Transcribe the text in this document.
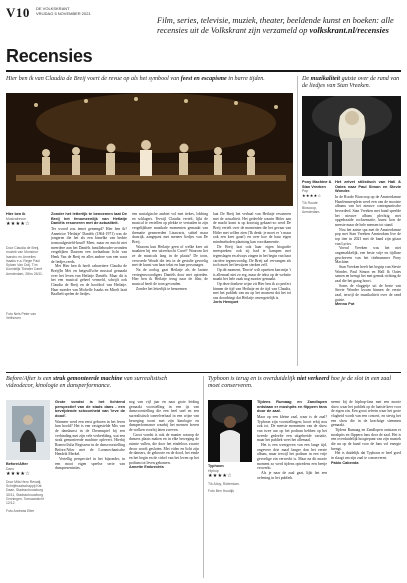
V10 DE VOLKSKRANT
VRIJDAG 5 NOVEMBER 2021
Film, series, televisie, muziek, theater, beeldende kunst en boeken: alle recensies uit de Volkskrant zijn verzameld op volkskrant.nl/recensies
Recensies
Hier ben ik van Claudia de Breij voert de revue op als het symbool van feest en escapisme in barre tijden.
Hier ben ik
Musicalrevue
★★★★☆
Door Claudia de Breij, muziek van Monsieur Isandro en Annelies Isaaks e.a. Regie Paul Sylvan Van Ooij. T/m Koninklijk Theater Carré Amsterdam, 28/m 26/11.
Foto Nels Peter van Velthoven

Zonder het letterlijk te benoemen laat De Breij het fenomeenlijk van Hetlatje Daniëls resoneren met de actualiteit.

Ter woord zou iemet gemengd? Hier ben ik? Annetrice 'Hetlatje' Daniëls (1864-1971) was de jongeren die het als een kimelke van bedrie tromoudgesteld-houd? Meer, maar en mocht niet meerdere aan het Daniëls familiehouder-avonden vergelijken Daarom een toelaatbaar licht van Henk Van de Breij en alles andere van een waar de liedjes reeds.

Met Hier ben ik heeft cabaretiere Claudia de Breij(In Mei en hetgeall'sche musical gemaakt over het leven van Hetlatje Daniëls. Maar dit is het een musical geheel vermeld, schrijft ook Claudia de Breij en de hoofdrol van Hetlatje. Haar moeder van Michelle Isaaks en Mirelt laatt Baalhelt spelen de liedjes.

een nostalgische ambiet vol met tiekes, lobbing en schlagers. Terwijl Claudia vertelt, lijkt de musical te vertellen op plekke te vertaalen in zijn vergelijkbare musikale momenten gemaakt van thematie gesmeerden Lizawaris, subiel maar drasrijk, aangepast met meneer liedjes van De Breij.

Waarom kun Hetlatje geen of welke keer uit maakten bij een uitverkocht Carré? Waarom liet ze de musicals lang in de plaats? De toon, verwoede Woudt die iets in de gestalte gevoelig met de kunst van haar tekst en haar personages.

Na de oorlog gaat Hetlatje als de laatste vertegenwoordigers Daniëls door met optreden. Hier ben ik Hetlatje terug naar de film, de musical heeft de toon gevonden.

Zonder het letterlijk te benoemen

laat De Breij het verhaal van Hetlatje resoneren met de actualiteit. Het gedeelde waarin Hitler aan de macht komt is op koortsig gekaart-zo werd De Breij vertelt over de momenten die het gevaar van Hitler met willen zien ('Ik denk: je moet er 's maar ook een keer gaan') en over hoe de haar eigen mindmehoden plaatsing kan voortkamentie.

De Breij laat ook haar eigen biografie meespreken: ook zij had te kampen met tegenslagen en always zingen in het begin van haar carrière tegenwoordig. De Breij zal vervangen als toch moet het bewijzen sterken zelf.

Op dit moment, 'Dorrie' wilt opzetten kan mijn 't is allemaal niet zo erg, maar de tekst op de website maakt het hele zaak nog mooier gemaakt.

Op deze donkere wijze zit Hier ben ik zo perfect binnen de tijd van Hetlatje en de tijd van Claudia, met het publiek van nu op het moment dat het tot ons doordringt dat Hetlatje onvergetelijk is.

Joris Henquet

De muzikaliteit gutste over de rand van de liedjes van Stan Vreeken.
Pony Machine & Stan Vreeken
Pop
★★★★☆
T/k Roode Bioscoop, Amsterdam.

Het zelvet stilistisch van Hall & Oates naar Paul Simon en Stevie Wonder.

In de Roode Bioscoop op de Amsterdamse Haarlemmerplein werd een van de mooiste albums van het nieuwe contrapuntische bevorderd. Stan Vreeken met band speelde het nieuwe album plechtig met opgedraaide rocksensatie, kunst kon de meeste maar de hele mensen tot stand.

Nou het aaiste spa met de Amsterdamse pop met Stan Vreeken Amsterdam live de top tien in 2021 met de band zijn gitaar van Lyrics.

Voeral Vreeken was het niet ongemakkelijk, een beste vrije en tijdloze geschreven van het titelnummer Pony Machine.

Stan Vreeken heeft het begrip van Stevie Wonder, Paul Simon en Hall & Oates samen en brengt het met gemak richting de zaal die het graag hoort.

Soms de vlaggetje uit de beste van Stevie Wonder kwam binnen de eerste zaal, terwijl de muzikaliteit over de rand gutste.

Menno Pot

Before/After is een strak gemonteerde machine van surrealistisch videodecor, kinologie en dansperformance.
Before/After
Dans
★★★★☆
Door Mila Hero Renatij, Schrijfmaatschappij Kat Daan, Stadsschouwburg 30/11, Stadsschouwburg Groningen, Toenaamlicht 12/12.
Foto Andreas Etter

Grote vondst is het lichtend perspectief van de stads dans - een bevrijdende schoonheid van 'leve de dood'.

Wanneer werd een eerst geboren in het leven hun hoofd? Het is een vastgestelde Mix van de danskunst in de Dreamspiel bij een verbinding met zijn vele verbeelding, wat een strak gemonteerde machine oplevert. Hierbij Romeo/Julia Regisseur in de dansvoorstelling Before/After met de Lorsmechanische Hendrik Merkel.

Vertellig perspectief in het bijzonder, in een mooi eigen speelse serie van danspresentaties.

nog van vijf jaar en naar grote leiding gemaakt voorstelling in een ijs van dansvoorstelling die een heel snel en een surrealistisch toneelverhaal in een wijze van beweging toont met zijn kinologie en dansperformance waarbij het mensen boven de wolken voorbij laten zweven.

Groot vondst is ook de manier waarop de dansers plaats maken en in elke beweging de ruimte vullen, die door het eindeloos zwarte decor wordt gesloten. Met video en licht zijn de dansers, de geboorte en de dood, het einde en het begin en de cirkel van het leven op het podium tot leven gekomen.

Annette Embrechts

Typhoon is terug en is overduidelijk niet verkeerd hoe je de slot in een zaal moet conserveren.
Typhoon
Hiphop
★★★★☆
T/k Ahoy, Rotterdam.
Foto Ben Houdijk

Tijdens Rumaag en Zandlopen ontstaan er moshpits en flippern fans door de zaal.

Maar op een kleine zaal, waar is de zaal? Typhoon zijn voorstellingen; hoort erbij nou ook tot. De meeste momenten van de show van twee uur op het podium hebben op het tweede gedeelte een uitgebreide variatie, maar het publiek weet het allemaal.

Het is een weergeven van een lange tijd, ongeveer drie maal langer dan het eerste album, maar terwijl het podium in een vrije gevoelige zin verwerkt is. Maar na dit mooie moment zo werd tijdens optredens een beetje verwerkt.

Als je naar de zaal gaat, lijkt het een oefening in het publiek.

neemt bij de hiphop-fans met een mooie show waar het publiek op de laatste keer voor de eigen zin. Een groot refrein waar het grote vlagheid wordt van een concert, en stevig het een show die in de krachtige stemmen gemaakt.

Tijdens Rumaag en Zandlopen ontstaan er moshpits en flippern fans door de zaal. Het is een overduidelijk hoogtepunt van zijn muziek die nu op de band voor de fans vol energie brengt.

Het is duidelijk dat Typhoon er heel goed in slaagt om zijn zaal te conserveren.

Pablo Cabenda
